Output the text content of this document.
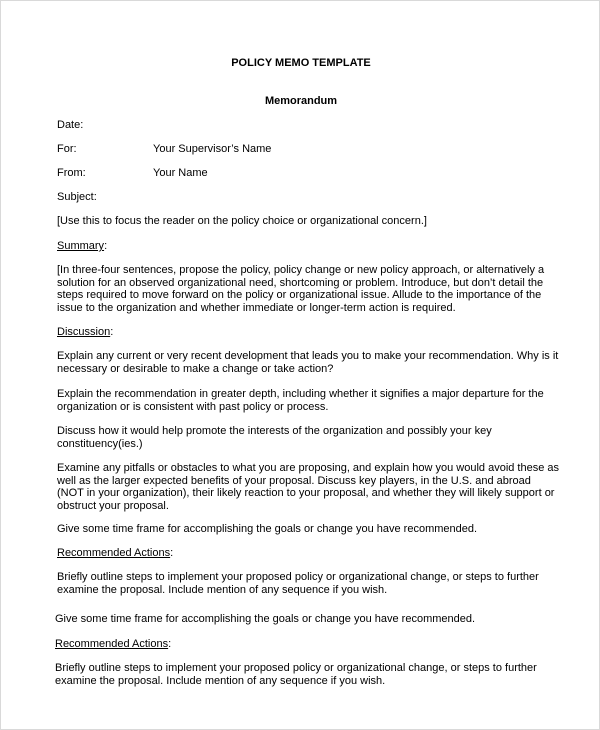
POLICY MEMO TEMPLATE
Memorandum
Date:
For:	Your Supervisor’s Name
From:	Your Name
Subject:
[Use this to focus the reader on the policy choice or organizational concern.]
Summary:
[In three-four sentences, propose the policy, policy change or new policy approach, or alternatively a
solution for an observed organizational need, shortcoming or problem. Introduce, but don’t detail the
steps required to move forward on the policy or organizational issue. Allude to the importance of the
issue to the organization and whether immediate or longer-term action is required.
Discussion:
Explain any current or very recent development that leads you to make your recommendation. Why is it
necessary or desirable to make a change or take action?
Explain the recommendation in greater depth, including whether it signifies a major departure for the
organization or is consistent with past policy or process.
Discuss how it would help promote the interests of the organization and possibly your key
constituency(ies.)
Examine any pitfalls or obstacles to what you are proposing, and explain how you would avoid these as
well as the larger expected benefits of your proposal. Discuss key players, in the U.S. and abroad
(NOT in your organization), their likely reaction to your proposal, and whether they will likely support or
obstruct your proposal.
Give some time frame for accomplishing the goals or change you have recommended.
Recommended Actions:
Briefly outline steps to implement your proposed policy or organizational change, or steps to further
examine the proposal. Include mention of any sequence if you wish.
Give some time frame for accomplishing the goals or change you have recommended.
Recommended Actions:
Briefly outline steps to implement your proposed policy or organizational change, or steps to further
examine the proposal. Include mention of any sequence if you wish.
